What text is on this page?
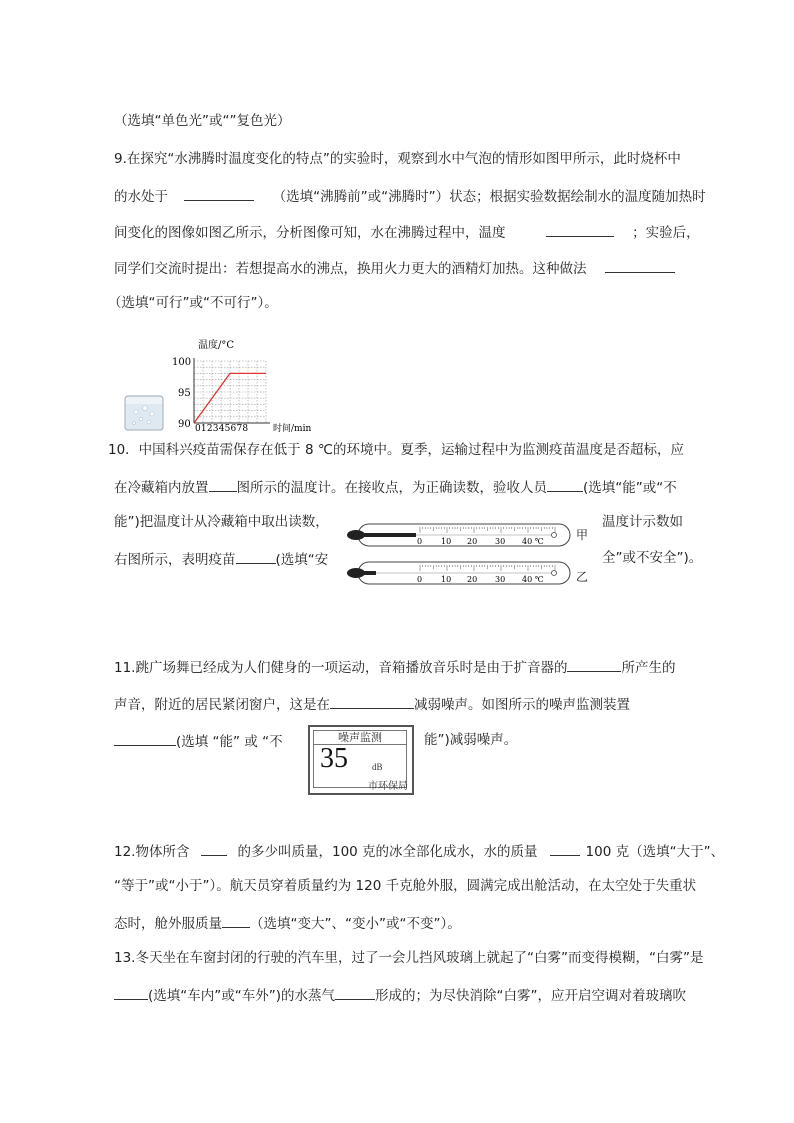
（选填“单色光”或“”复色光）
9.在探究“水沸腾时温度变化的特点”的实验时，观察到水中气泡的情形如图甲所示，此时烧杯中
的水处于	（选填“沸腾前”或“沸腾时”）状态；根据实验数据绘制水的温度随加热时
间变化的图像如图乙所示，分析图像可知，水在沸腾过程中，温度	；实验后，
同学们交流时提出：若想提高水的沸点，换用火力更大的酒精灯加热。这种做法
（选填“可行”或“不可行”）。
温度/°C
100
95
90 012345678	时间/min
10．中国科兴疫苗需保存在低于 8 ℃的环境中。夏季，运输过程中为监测疫苗温度是否超标，应
在冷藏箱内放置 图所示的温度计。在接收点，为正确读数，验收人员	(选填“能”或“不
能”)把温度计从冷藏箱中取出读数，	温度计示数如
右图所示，表明疫苗	(选填“安	全”或不安全”)。
0 10 20 30 40 ℃	甲
0 10 20 30 40 ℃	乙
11.跳广场舞已经成为人们健身的一项运动，音箱播放音乐时是由于扩音器的	所产生的
声音，附近的居民紧闭窗户，这是在	减弱噪声。如图所示的噪声监测装置
(选填 “能” 或 “不	能”)减弱噪声。
噪声监测
35	dB
市环保局
12.物体所含	的多少叫质量，100 克的冰全部化成水，水的质量	100 克（选填“大于”、
“等于”或“小于”）。航天员穿着质量约为 120 千克舱外服，圆满完成出舱活动，在太空处于失重状
态时，舱外服质量 （选填“变大”、“变小”或“不变”）。
13.冬天坐在车窗封闭的行驶的汽车里，过了一会儿挡风玻璃上就起了“白雾”而变得模糊，“白雾”是
(选填“车内”或“车外”)的水蒸气	形成的；为尽快消除“白雾”，应开启空调对着玻璃吹
